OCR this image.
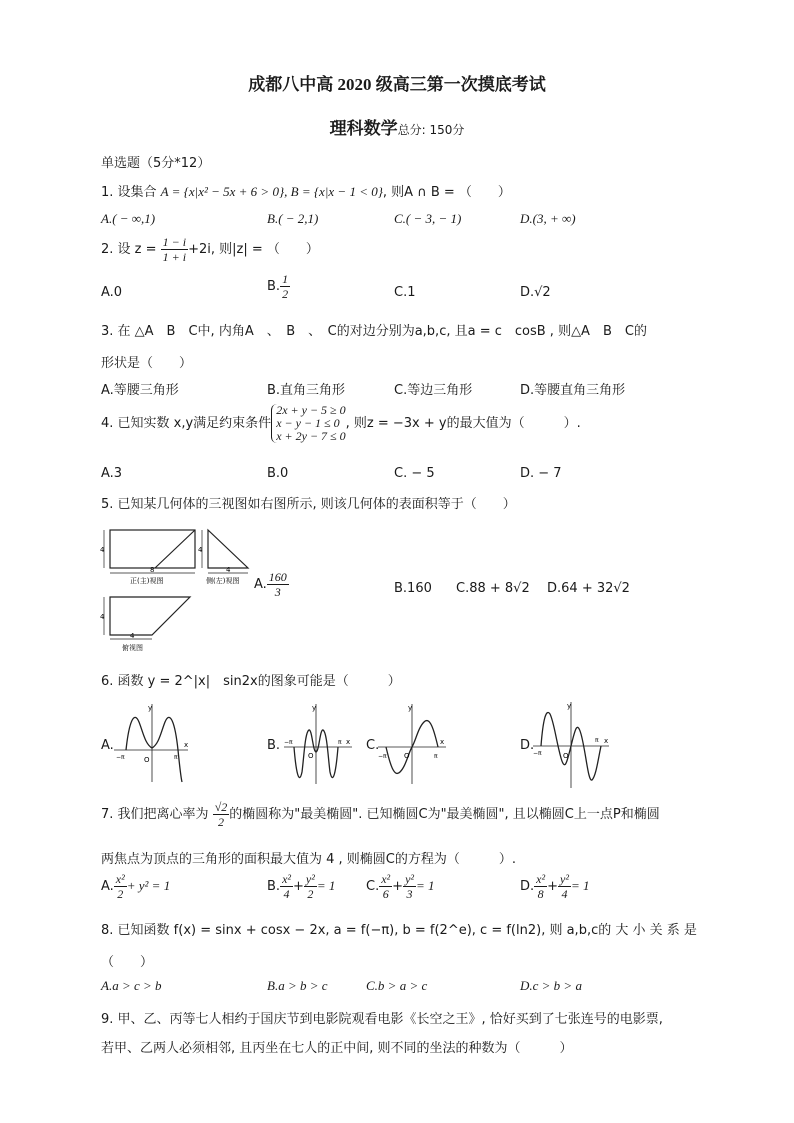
成都八中高 2020 级高三第一次摸底考试
理科数学总分: 150分
单选题（5分*12）
1. 设集合 A = {x|x² − 5x + 6 > 0}, B = {x|x − 1 < 0}, 则A ∩ B = （　　）
A.( − ∞,1)	B.( − 2,1)	C.( − 3, − 1)	D.(3, + ∞)
2. 设 $z = \frac{1 - i}{1 + i} +2i$, 则|z| = （　　）
A.0	B. $\frac{1}{2}$	C.1	D.√2
3. 在 △A　B　C中, 内角A　、　B　、　C的对边分别为a,b,c, 且a = c　cosB , 则△A　B　C的
形状是（　　）
A.等腰三角形	B.直角三角形	C.等边三角形	D.等腰直角三角形
4. 已知实数 x,y满足约束条件
2x + y − 5 ≥ 0
x − y − 1 ≤ 0
x + 2y − 7 ≤ 0
, 则z = −3x + y的最大值为（　　　）.
A.3	B.0	C. − 5	D. − 7
5. 已知某几何体的三视图如右图所示, 则该几何体的表面积等于（　　）
4
8
正(主)视图
4
4
侧(左)视图
4
4
俯视图
A. $\frac{160}{3}$	B.160 C.88 + 8√2 D.64 + 32√2
6. 函数 y = 2^|x|　sin2x的图象可能是（　　　）
A.
y
x
O
−π	π
B.
y
x
O
−π	π C.
y
x
O
−π	π
D.
y
x
O
−π
π
7. 我们把离心率为 $\frac{√2}{2}$ 的椭圆称为"最美椭圆". 已知椭圆C为"最美椭圆", 且以椭圆C上一点P和椭圆
两焦点为顶点的三角形的面积最大值为 4 , 则椭圆C的方程为（　　　）.
A. $\frac{\text{x²}}{2} + y^2 = 1$	B. $\frac{\text{x²}}{4} + \frac{\text{y²}}{2} = 1$ C. $\frac{\text{x²}}{6} + \frac{\text{y²}}{3} = 1$	D. $\frac{\text{x²}}{8} + \frac{\text{y²}}{4} = 1$
8. 已知函数 f(x) = sinx + cosx − 2x, a = f(−π), b = f(2^e), c = f(ln2), 则 a,b,c的 大 小 关 系 是
（　　）
A.a > c > b	B.a > b > c	C.b > a > c	D.c > b > a
9. 甲、乙、丙等七人相约于国庆节到电影院观看电影《长空之王》, 恰好买到了七张连号的电影票,
若甲、乙两人必须相邻, 且丙坐在七人的正中间, 则不同的坐法的种数为（　　　）
